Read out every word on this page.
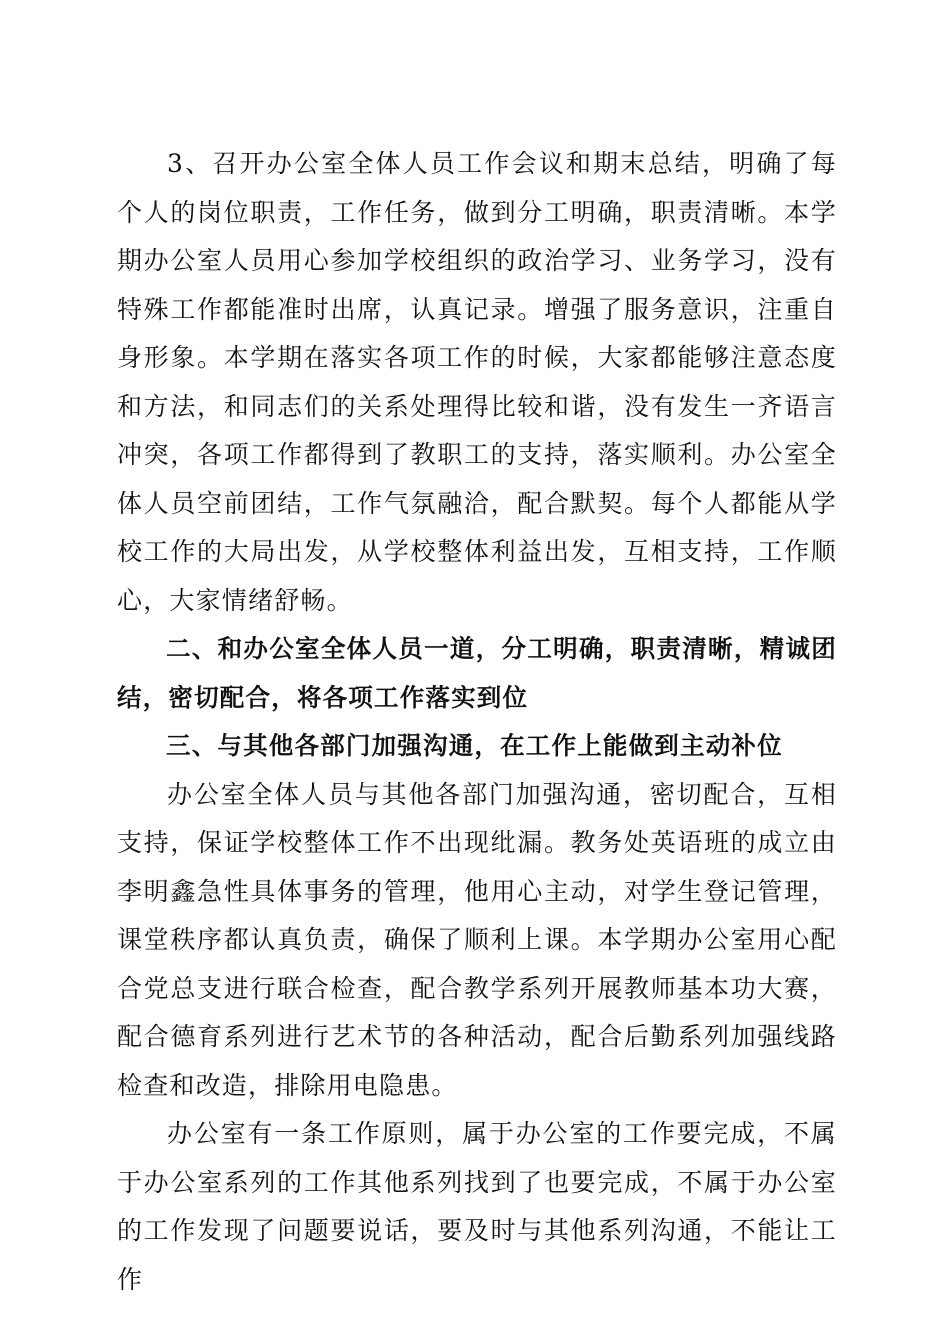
3、召开办公室全体人员工作会议和期末总结，明确了每个人的岗位职责，工作任务，做到分工明确，职责清晰。本学期办公室人员用心参加学校组织的政治学习、业务学习，没有特殊工作都能准时出席，认真记录。增强了服务意识，注重自身形象。本学期在落实各项工作的时候，大家都能够注意态度和方法，和同志们的关系处理得比较和谐，没有发生一齐语言冲突，各项工作都得到了教职工的支持，落实顺利。办公室全体人员空前团结，工作气氛融洽，配合默契。每个人都能从学校工作的大局出发，从学校整体利益出发，互相支持，工作顺心，大家情绪舒畅。

二、和办公室全体人员一道，分工明确，职责清晰，精诚团结，密切配合，将各项工作落实到位

三、与其他各部门加强沟通，在工作上能做到主动补位

办公室全体人员与其他各部门加强沟通，密切配合，互相支持，保证学校整体工作不出现纰漏。教务处英语班的成立由李明鑫急性具体事务的管理，他用心主动，对学生登记管理，课堂秩序都认真负责，确保了顺利上课。本学期办公室用心配合党总支进行联合检查，配合教学系列开展教师基本功大赛，配合德育系列进行艺术节的各种活动，配合后勤系列加强线路检查和改造，排除用电隐患。

办公室有一条工作原则，属于办公室的工作要完成，不属于办公室系列的工作其他系列找到了也要完成，不属于办公室的工作发现了问题要说话，要及时与其他系列沟通，不能让工作
